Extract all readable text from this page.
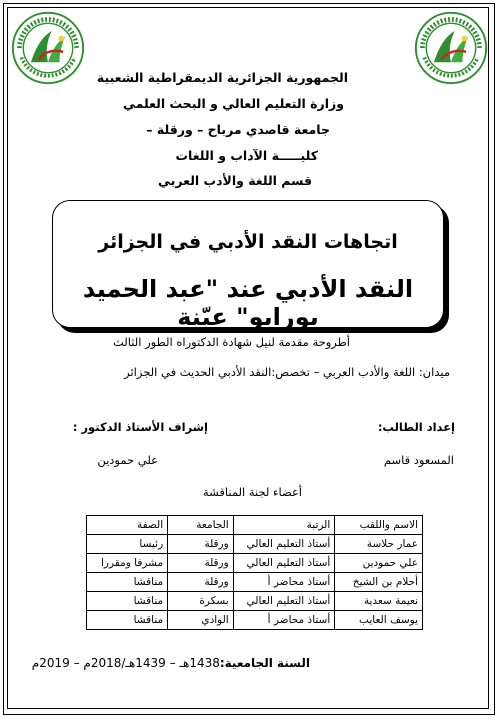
الجمهورية الجزائرية الديمقراطية الشعبية
وزارة التعليم العالي و البحث العلمي
جامعة قاصدي مرباح – ورقلة –
كليـــــة الآداب و اللغات
قسم اللغة والأدب العربي
اتجاهات النقد الأدبي في الجزائر
النقد الأدبي عند "عبد الحميد بورايو" عيّنة
أطروحة مقدمة لنيل شهادة الدكتوراه الطور الثالث
ميدان: اللغة والأدب العربي – تخصص:النقد الأدبي الحديث في الجزائر
إعداد الطالب:
إشراف الأستاذ الدكتور :
المسعود قاسم
علي حمودين
أعضاء لجنة المناقشة
الاسم واللقب	الرتبة	الجامعة	الصفة
عمار حلاسة	أستاذ التعليم العالي	ورقلة	رئيسا
علي حمودين	أستاذ التعليم العالي	ورقلة	مشرفا ومقررا
أحلام بن الشيخ	أستاذ محاضر أ	ورقلة	مناقشا
نعيمة سعدية	أستاذ التعليم العالي	بسكرة	مناقشا
يوسف العايب	أستاذ محاضر أ	الوادي	مناقشا
السنة الجامعية:1438هـ – 1439هـ/2018م – 2019م
